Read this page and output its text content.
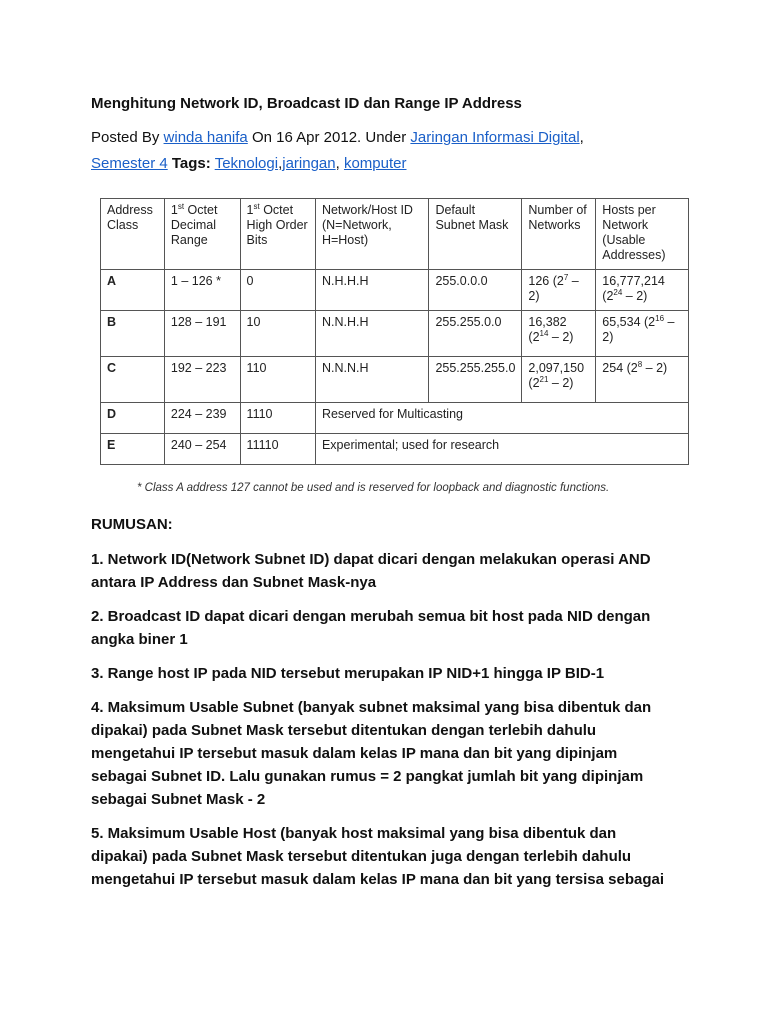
Menghitung Network ID, Broadcast ID dan Range IP Address
Posted By winda hanifa On 16 Apr 2012. Under Jaringan Informasi Digital, Semester 4 Tags: Teknologi,jaringan, komputer
Address Class	1st Octet Decimal Range	1st Octet High Order Bits	Network/Host ID (N=Network, H=Host)	Default Subnet Mask	Number of Networks	Hosts per Network (Usable Addresses)
A	1 – 126 *	0	N.H.H.H	255.0.0.0	126 $(2^7 - 2)$	16,777,214 $(2^{24} - 2)$
B	128 – 191	10	N.N.H.H	255.255.0.0	16,382 $(2^{14} - 2)$	65,534 $(2^{16} - 2)$
C	192 – 223	110	N.N.N.H	255.255.255.0	2,097,150 $(2^{21} - 2)$	254 $(2^8 - 2)$
D	224 – 239	1110	Reserved for Multicasting			
E	240 – 254	11110	Experimental; used for research			
* Class A address 127 cannot be used and is reserved for loopback and diagnostic functions.

RUMUSAN:

1. Network ID(Network Subnet ID) dapat dicari dengan melakukan operasi AND antara IP Address dan Subnet Mask-nya

2. Broadcast ID dapat dicari dengan merubah semua bit host pada NID dengan angka biner 1

3. Range host IP pada NID tersebut merupakan IP NID+1 hingga IP BID-1

4. Maksimum Usable Subnet (banyak subnet maksimal yang bisa dibentuk dan dipakai) pada Subnet Mask tersebut ditentukan dengan terlebih dahulu mengetahui IP tersebut masuk dalam kelas IP mana dan bit yang dipinjam sebagai Subnet ID. Lalu gunakan rumus = 2 pangkat jumlah bit yang dipinjam sebagai Subnet Mask - 2

5. Maksimum Usable Host (banyak host maksimal yang bisa dibentuk dan dipakai) pada Subnet Mask tersebut ditentukan juga dengan terlebih dahulu mengetahui IP tersebut masuk dalam kelas IP mana dan bit yang tersisa sebagai
